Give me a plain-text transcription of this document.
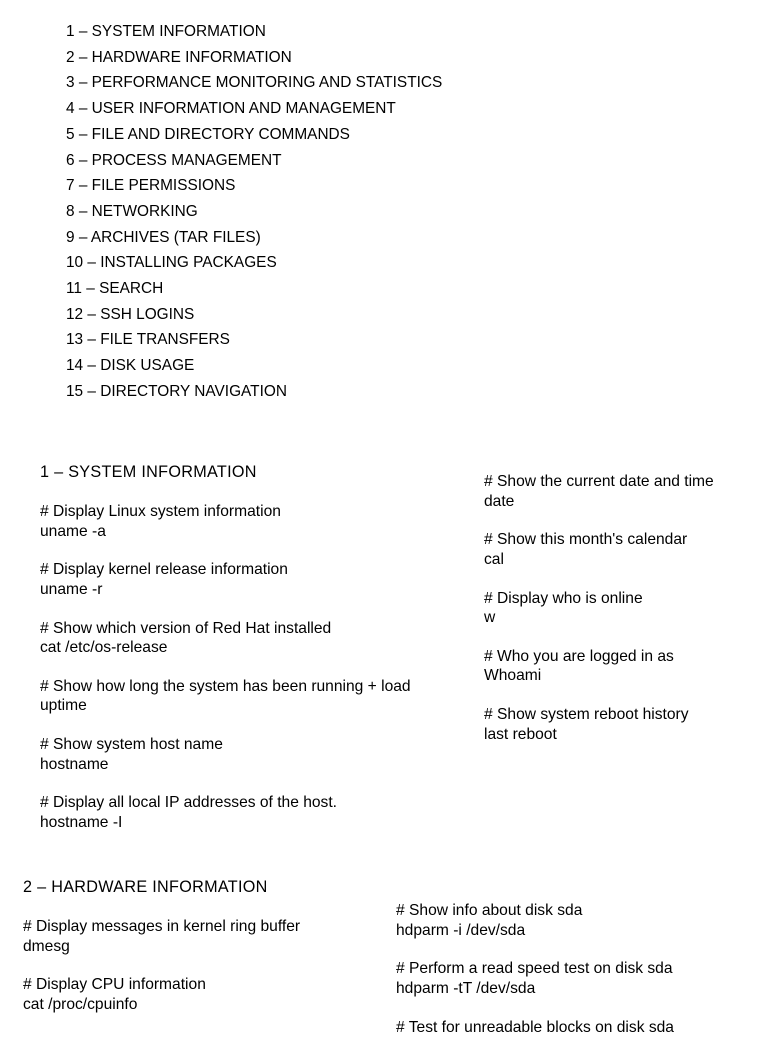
1 – SYSTEM INFORMATION
2 – HARDWARE INFORMATION
3 – PERFORMANCE MONITORING AND STATISTICS
4 – USER INFORMATION AND MANAGEMENT
5 – FILE AND DIRECTORY COMMANDS
6 – PROCESS MANAGEMENT
7 – FILE PERMISSIONS
8 – NETWORKING
9 – ARCHIVES (TAR FILES)
10 – INSTALLING PACKAGES
11 – SEARCH
12 – SSH LOGINS
13 – FILE TRANSFERS
14 – DISK USAGE
15 – DIRECTORY NAVIGATION
1 – SYSTEM INFORMATION
# Display Linux system information
uname -a
# Display kernel release information
uname -r
# Show which version of Red Hat installed
cat /etc/os-release
# Show how long the system has been running + load
uptime
# Show system host name
hostname
# Display all local IP addresses of the host.
hostname -I
# Show the current date and time
date
# Show this month's calendar
cal
# Display who is online
w
# Who you are logged in as
Whoami
# Show system reboot history
last reboot
2 – HARDWARE INFORMATION
# Display messages in kernel ring buffer
dmesg
# Display CPU information
cat /proc/cpuinfo
# Show info about disk sda
hdparm -i /dev/sda
# Perform a read speed test on disk sda
hdparm -tT /dev/sda
# Test for unreadable blocks on disk sda
